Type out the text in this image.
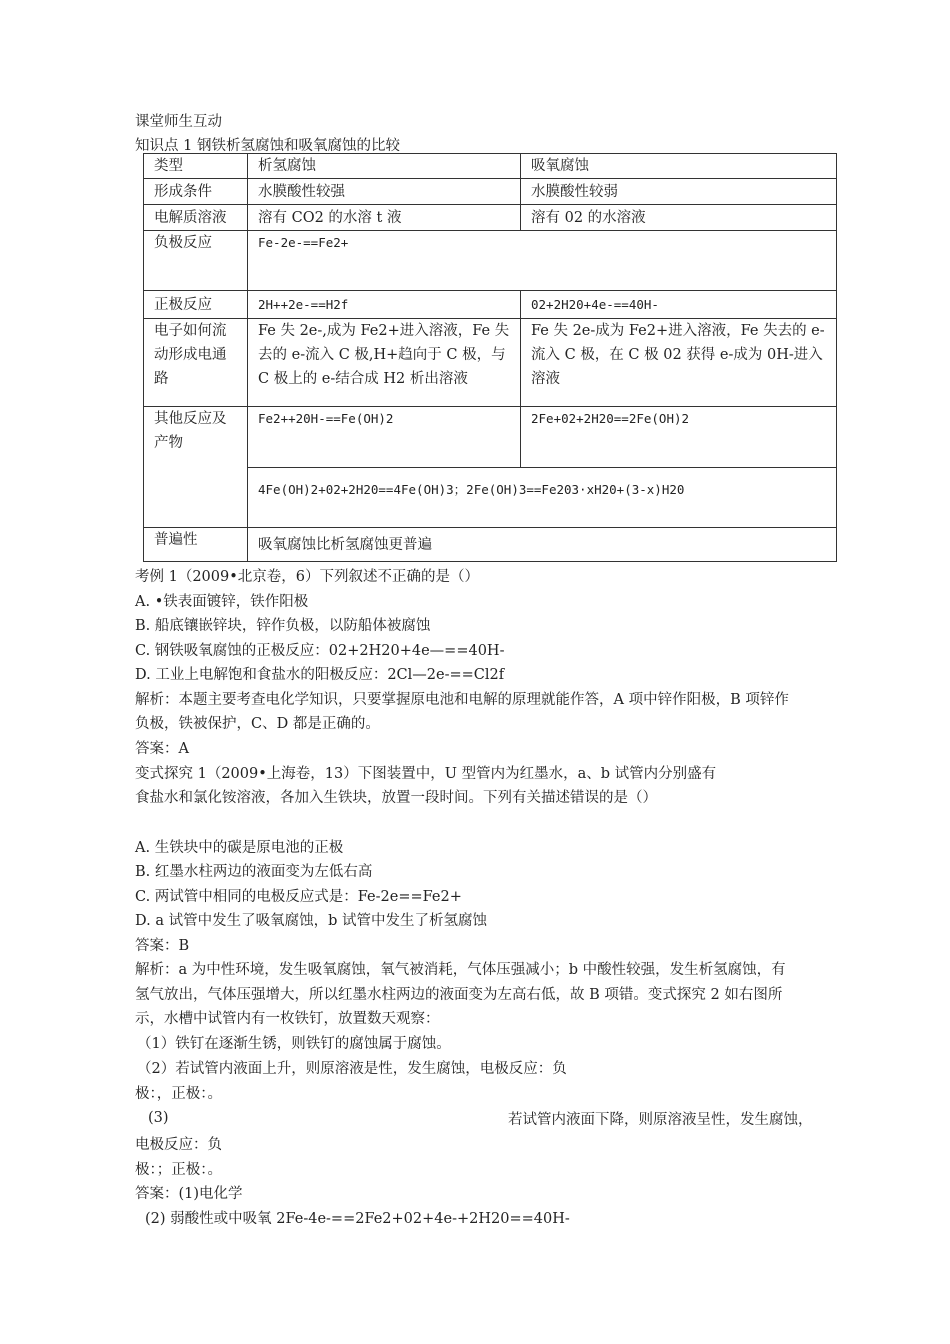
课堂师生互动
知识点 1 钢铁析氢腐蚀和吸氧腐蚀的比较
类型	析氢腐蚀	吸氧腐蚀
形成条件	水膜酸性较强	水膜酸性较弱
电解质溶液	溶有 CO2 的水溶 t 液	溶有 02 的水溶液
负极反应	Fe-2e-==Fe2+	
正极反应	2H++2e-==H2f	02+2H20+4e-==40H-
电子如何流动形成电通路	Fe 失 2e-,成为 Fe2+进入溶液，Fe 失去的 e-流入 C 极,H+趋向于 C 极，与 C 极上的 e-结合成 H2 析出溶液	Fe 失 2e-成为 Fe2+进入溶液，Fe 失去的 e-流入 C 极，在 C 极 02 获得 e-成为 0H-进入溶液
其他反应及产物	Fe2++20H-==Fe(OH)2	2Fe+02+2H20==2Fe(OH)2
	4Fe(OH)2+02+2H20==4Fe(OH)3；2Fe(OH)3==Fe203·xH20+(3-x)H20	
普遍性	吸氧腐蚀比析氢腐蚀更普遍	
考例 1（2009•北京卷，6）下列叙述不正确的是（）
A. •铁表面镀锌，铁作阳极
B. 船底镶嵌锌块，锌作负极，以防船体被腐蚀
C. 钢铁吸氧腐蚀的正极反应：02+2H20+4e—==40H-
D. 工业上电解饱和食盐水的阳极反应：2Cl—2e-==Cl2f
解析：本题主要考查电化学知识，只要掌握原电池和电解的原理就能作答，A 项中锌作阳极，B 项锌作
负极，铁被保护，C、D 都是正确的。
答案：A
变式探究 1（2009•上海卷，13）下图装置中，U 型管内为红墨水，a、b 试管内分别盛有
食盐水和氯化铵溶液，各加入生铁块，放置一段时间。下列有关描述错误的是（）
A. 生铁块中的碳是原电池的正极
B. 红墨水柱两边的液面变为左低右高
C. 两试管中相同的电极反应式是：Fe-2e==Fe2+
D. a 试管中发生了吸氧腐蚀，b 试管中发生了析氢腐蚀
答案：B
解析：a 为中性环境，发生吸氧腐蚀，氧气被消耗，气体压强减小；b 中酸性较强，发生析氢腐蚀，有
氢气放出，气体压强增大，所以红墨水柱两边的液面变为左高右低，故 B 项错。变式探究 2 如右图所
示，水槽中试管内有一枚铁钉，放置数天观察：
（1）铁钉在逐渐生锈，则铁钉的腐蚀属于腐蚀。
（2）若试管内液面上升，则原溶液是性，发生腐蚀，电极反应：负
极：，正极：。
(3)	若试管内液面下降，则原溶液呈性，发生腐蚀，
电极反应：负
极：；正极：。
答案：(1)电化学
(2) 弱酸性或中吸氧 2Fe-4e-==2Fe2+02+4e-+2H20==40H-
